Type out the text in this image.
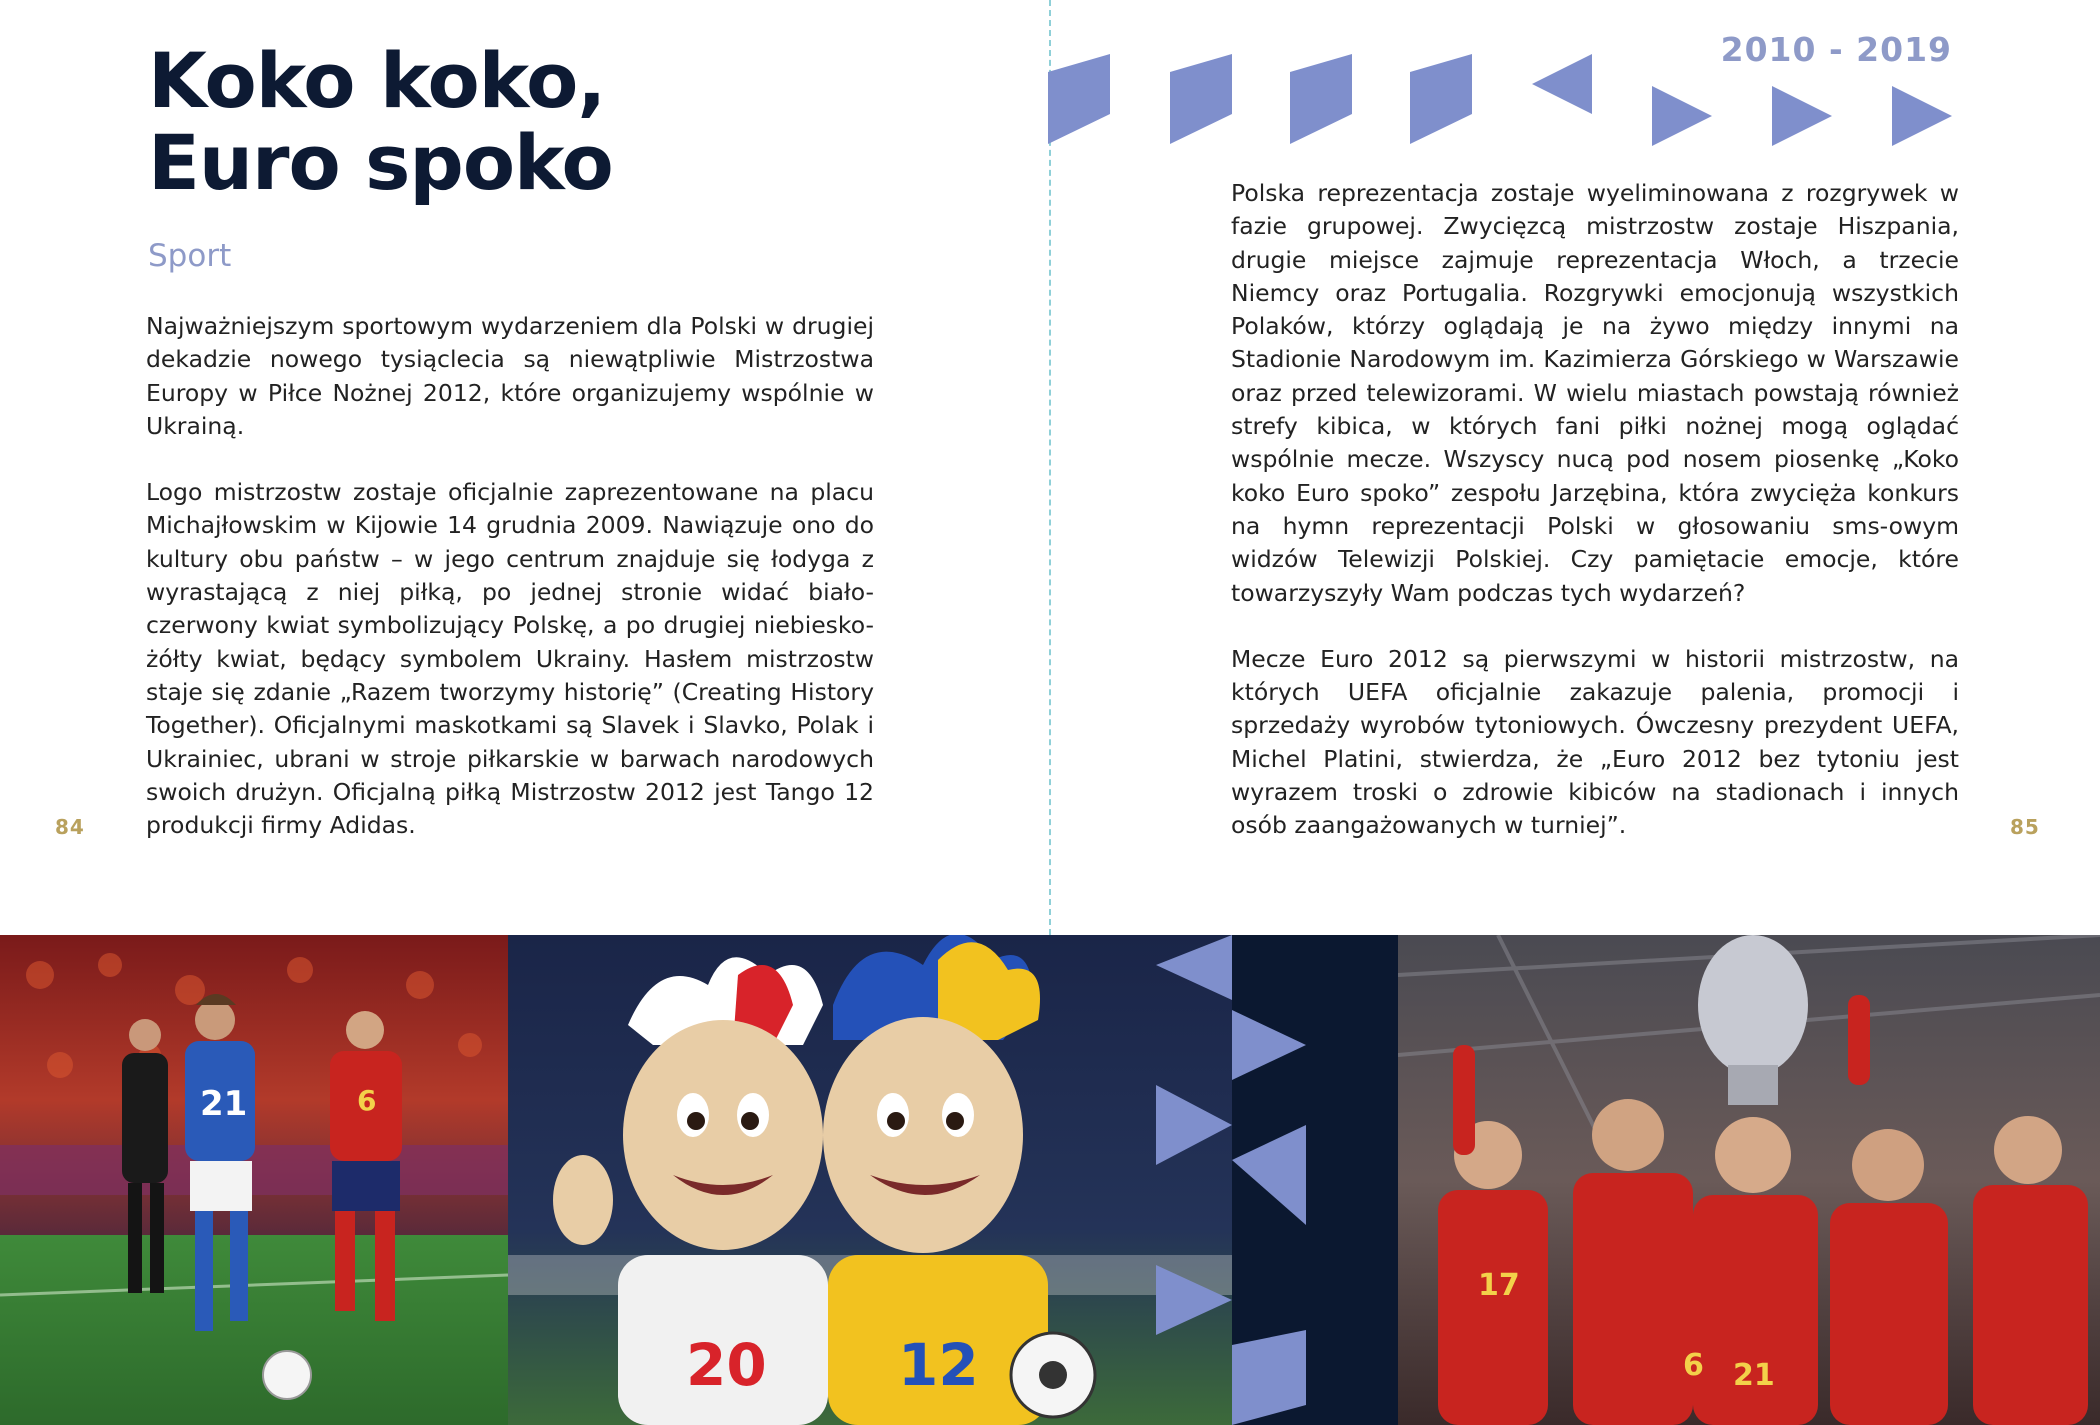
Koko koko,
Euro spoko
Sport

Najważniejszym sportowym wydarzeniem dla Polski w drugiej dekadzie nowego tysiąclecia są niewątpliwie Mistrzostwa Europy w Piłce Nożnej 2012, które organizujemy wspólnie w Ukrainą.

Logo mistrzostw zostaje oficjalnie zaprezentowane na placu Michajłowskim w Kijowie 14 grudnia 2009. Nawiązuje ono do kultury obu państw – w jego centrum znajduje się łodyga z wyrastającą z niej piłką, po jednej stronie widać biało-czerwony kwiat symbolizujący Polskę, a po drugiej niebiesko-żółty kwiat, będący symbolem Ukrainy. Hasłem mistrzostw staje się zdanie „Razem tworzymy historię” (Creating History Together). Oficjalnymi maskotkami są Slavek i Slavko, Polak i Ukrainiec, ubrani w stroje piłkarskie w barwach narodowych swoich drużyn. Oficjalną piłką Mistrzostw 2012 jest Tango 12 produkcji firmy Adidas.

84
2010 - 2019

Polska reprezentacja zostaje wyeliminowana z rozgrywek w fazie grupowej. Zwycięzcą mistrzostw zostaje Hiszpania, drugie miejsce zajmuje reprezentacja Włoch, a trzecie Niemcy oraz Portugalia. Rozgrywki emocjonują wszystkich Polaków, którzy oglądają je na żywo między innymi na Stadionie Narodowym im. Kazimierza Górskiego w Warszawie oraz przed telewizorami. W wielu miastach powstają również strefy kibica, w których fani piłki nożnej mogą oglądać wspólnie mecze. Wszyscy nucą pod nosem piosenkę „Koko koko Euro spoko” zespołu Jarzębina, która zwycięża konkurs na hymn reprezentacji Polski w głosowaniu sms-owym widzów Telewizji Polskiej. Czy pamiętacie emocje, które towarzyszyły Wam podczas tych wydarzeń?

Mecze Euro 2012 są pierwszymi w historii mistrzostw, na których UEFA oficjalnie zakazuje palenia, promocji i sprzedaży wyrobów tytoniowych. Ówczesny prezydent UEFA, Michel Platini, stwierdza, że „Euro 2012 bez tytoniu jest wyrazem troski o zdrowie kibiców na stadionach i innych osób zaangażowanych w turniej”.	85
21	6
20 12
17
6 21
